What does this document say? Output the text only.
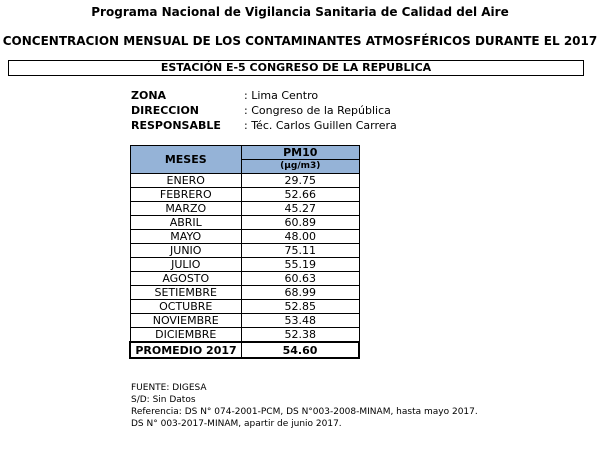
Programa Nacional de Vigilancia Sanitaria de Calidad del Aire
CONCENTRACION MENSUAL DE LOS CONTAMINANTES ATMOSFÉRICOS DURANTE EL 2017
ESTACIÓN E-5 CONGRESO DE LA REPUBLICA
ZONA	: Lima Centro
DIRECCION	: Congreso de la República
RESPONSABLE : Téc. Carlos Guillen Carrera
MESES	PM10
	(µg/m3)
ENERO	29.75
FEBRERO	52.66
MARZO	45.27
ABRIL	60.89
MAYO	48.00
JUNIO	75.11
JULIO	55.19
AGOSTO	60.63
SETIEMBRE	68.99
OCTUBRE	52.85
NOVIEMBRE	53.48
DICIEMBRE	52.38
PROMEDIO 2017	54.60
FUENTE: DIGESA
S/D: Sin Datos
Referencia: DS N° 074-2001-PCM, DS N°003-2008-MINAM, hasta mayo 2017.
DS N° 003-2017-MINAM, apartir de junio 2017.
